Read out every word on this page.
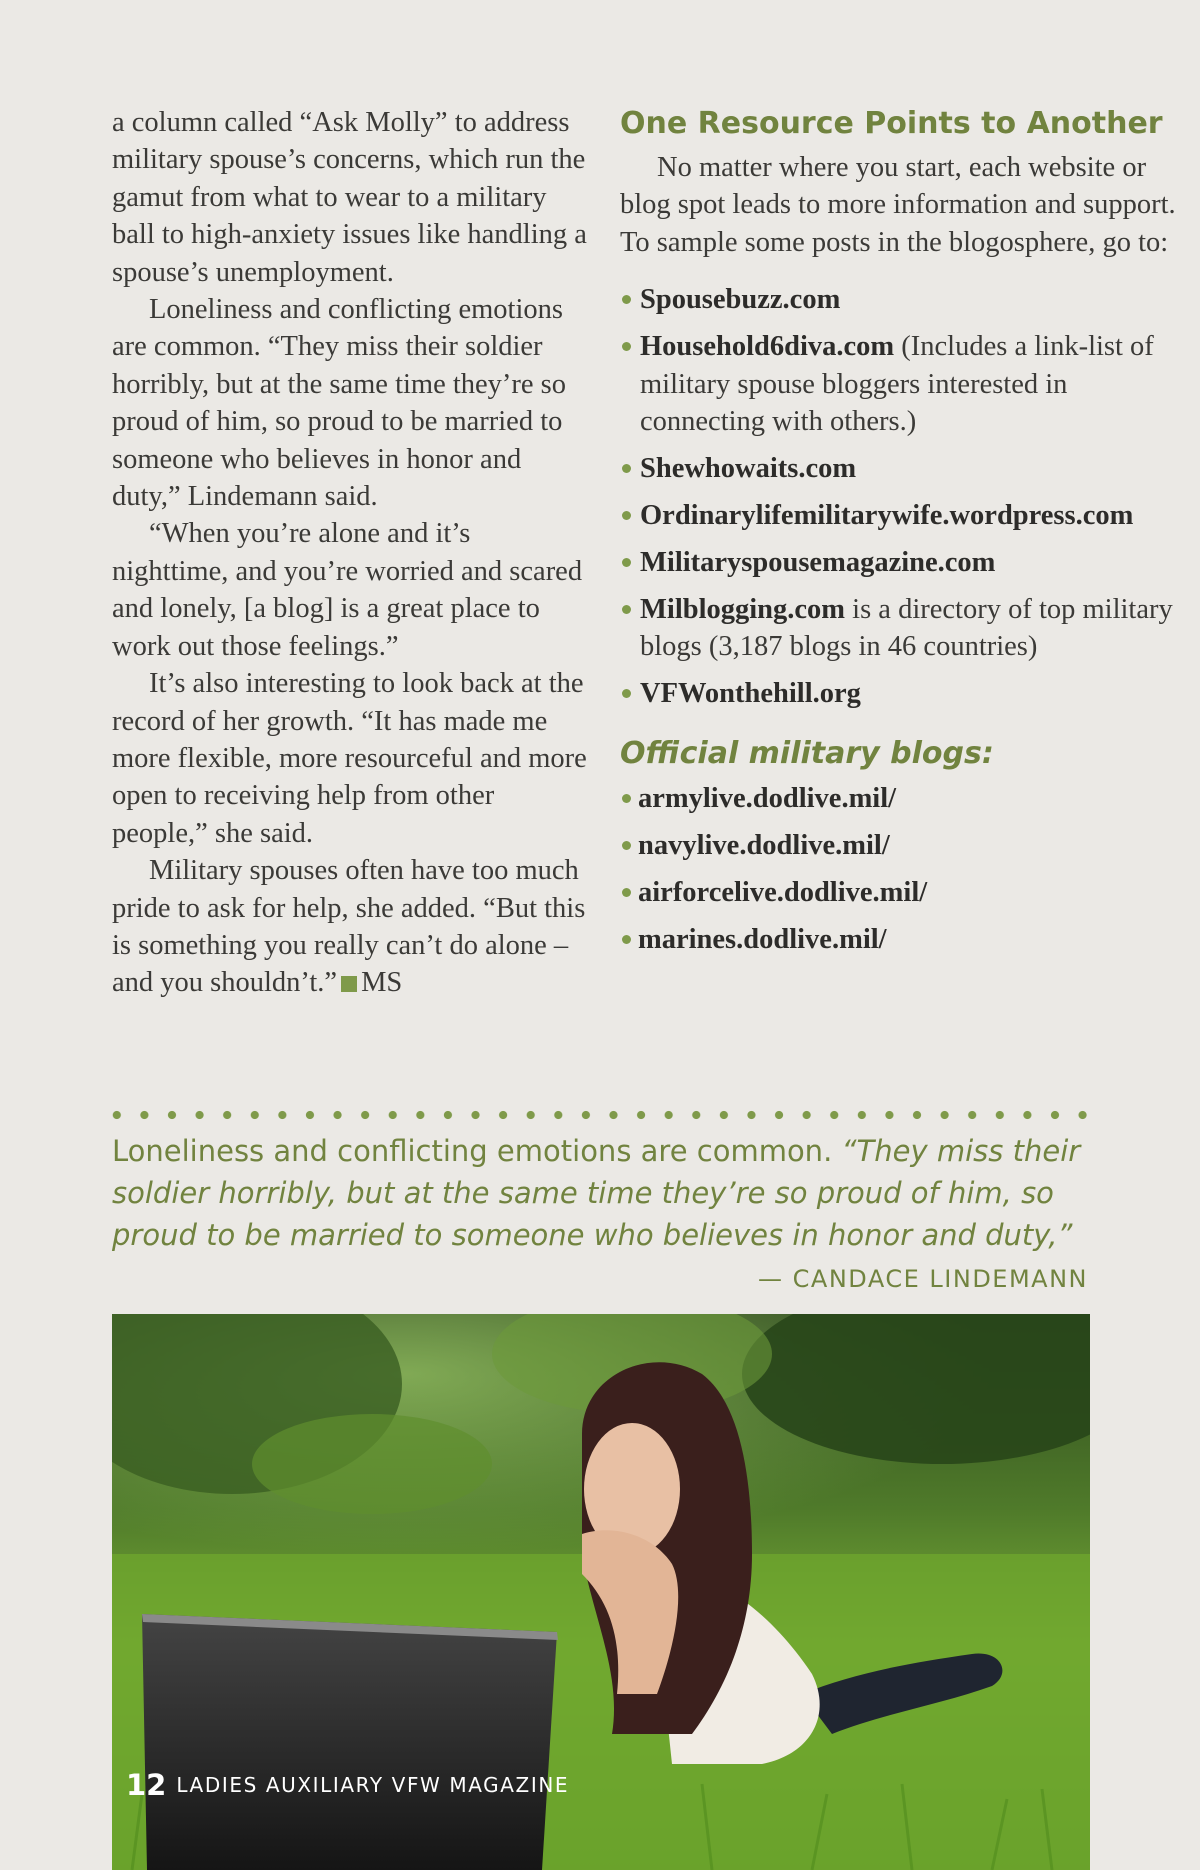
a column called “Ask Molly” to address military spouse’s concerns, which run the gamut from what to wear to a military ball to high-anxiety issues like handling a spouse’s unemployment.

Loneliness and conflicting emotions are common. “They miss their soldier horribly, but at the same time they’re so proud of him, so proud to be married to someone who believes in honor and duty,” Lindemann said.

“When you’re alone and it’s nighttime, and you’re worried and scared and lonely, [a blog] is a great place to work out those feelings.”

It’s also interesting to look back at the record of her growth. “It has made me more flexible, more resourceful and more open to receiving help from other people,” she said.

Military spouses often have too much pride to ask for help, she added. “But this is something you really can’t do alone – and you shouldn’t.” MS

One Resource Points to Another

No matter where you start, each website or blog spot leads to more information and support. To sample some posts in the blogosphere, go to:

Spousebuzz.com
Household6diva.com (Includes a link-list of military spouse bloggers interested in connecting with others.)
Shewhowaits.com
Ordinarylifemilitarywife.wordpress.com
Militaryspousemagazine.com
Milblogging.com is a directory of top military blogs (3,187 blogs in 46 countries)
VFWonthehill.org
Official military blogs:
armylive.dodlive.mil/
navylive.dodlive.mil/
airforcelive.dodlive.mil/
marines.dodlive.mil/

Loneliness and conflicting emotions are common. “They miss their soldier horribly, but at the same time they’re so proud of him, so proud to be married to someone who believes in honor and duty,”

— CANDACE LINDEMANN

12 LADIES AUXILIARY VFW MAGAZINE
